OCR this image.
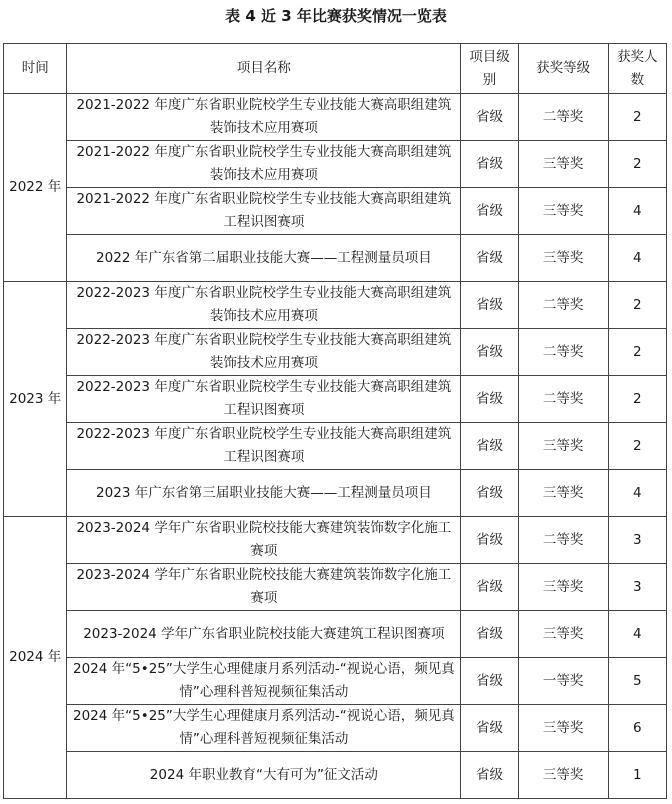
表 4 近 3 年比赛获奖情况一览表
时间	项目名称	项目级别	获奖等级	获奖人数
2022 年	2021-2022 年度广东省职业院校学生专业技能大赛高职组建筑装饰技术应用赛项	省级	二等奖	2
	2021-2022 年度广东省职业院校学生专业技能大赛高职组建筑装饰技术应用赛项	省级	三等奖	2
	2021-2022 年度广东省职业院校学生专业技能大赛高职组建筑工程识图赛项	省级	三等奖	4
	2022 年广东省第二届职业技能大赛——工程测量员项目	省级	三等奖	4
2023 年	2022-2023 年度广东省职业院校学生专业技能大赛高职组建筑装饰技术应用赛项	省级	二等奖	2
	2022-2023 年度广东省职业院校学生专业技能大赛高职组建筑装饰技术应用赛项	省级	二等奖	2
	2022-2023 年度广东省职业院校学生专业技能大赛高职组建筑工程识图赛项	省级	二等奖	2
	2022-2023 年度广东省职业院校学生专业技能大赛高职组建筑工程识图赛项	省级	三等奖	2
	2023 年广东省第三届职业技能大赛——工程测量员项目	省级	三等奖	4
2024 年	2023-2024 学年广东省职业院校技能大赛建筑装饰数字化施工赛项	省级	二等奖	3
	2023-2024 学年广东省职业院校技能大赛建筑装饰数字化施工赛项	省级	三等奖	3
	2023-2024 学年广东省职业院校技能大赛建筑工程识图赛项	省级	三等奖	4
	2024 年“5•25”大学生心理健康月系列活动-“视说心语，频见真情”心理科普短视频征集活动	省级	一等奖	5
	2024 年“5•25”大学生心理健康月系列活动-“视说心语，频见真情”心理科普短视频征集活动	省级	三等奖	6
	2024 年职业教育“大有可为”征文活动	省级	三等奖	1
